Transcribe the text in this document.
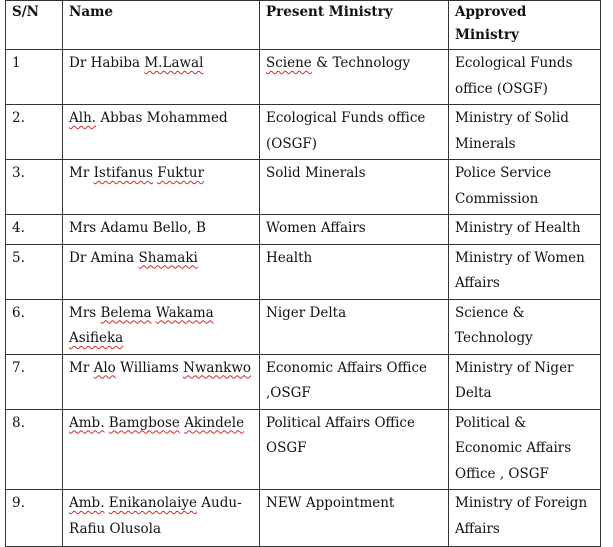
S/N	Name	Present Ministry	Approved Ministry
1	Dr Habiba M.Lawal	Sciene & Technology	Ecological Funds office (OSGF)
2.	Alh. Abbas Mohammed	Ecological Funds office (OSGF)	Ministry of Solid Minerals
3.	Mr Istifanus Fuktur	Solid Minerals	Police Service Commission
4.	Mrs Adamu Bello, B	Women Affairs	Ministry of Health
5.	Dr Amina Shamaki	Health	Ministry of Women Affairs
6.	Mrs Belema Wakama Asifieka	Niger Delta	Science & Technology
7.	Mr Alo Williams Nwankwo	Economic Affairs Office ,OSGF	Ministry of Niger Delta
8.	Amb. Bamgbose Akindele	Political Affairs Office OSGF	Political & Economic Affairs Office , OSGF
9.	Amb. Enikanolaiye Audu-Rafiu Olusola	NEW Appointment	Ministry of Foreign Affairs
